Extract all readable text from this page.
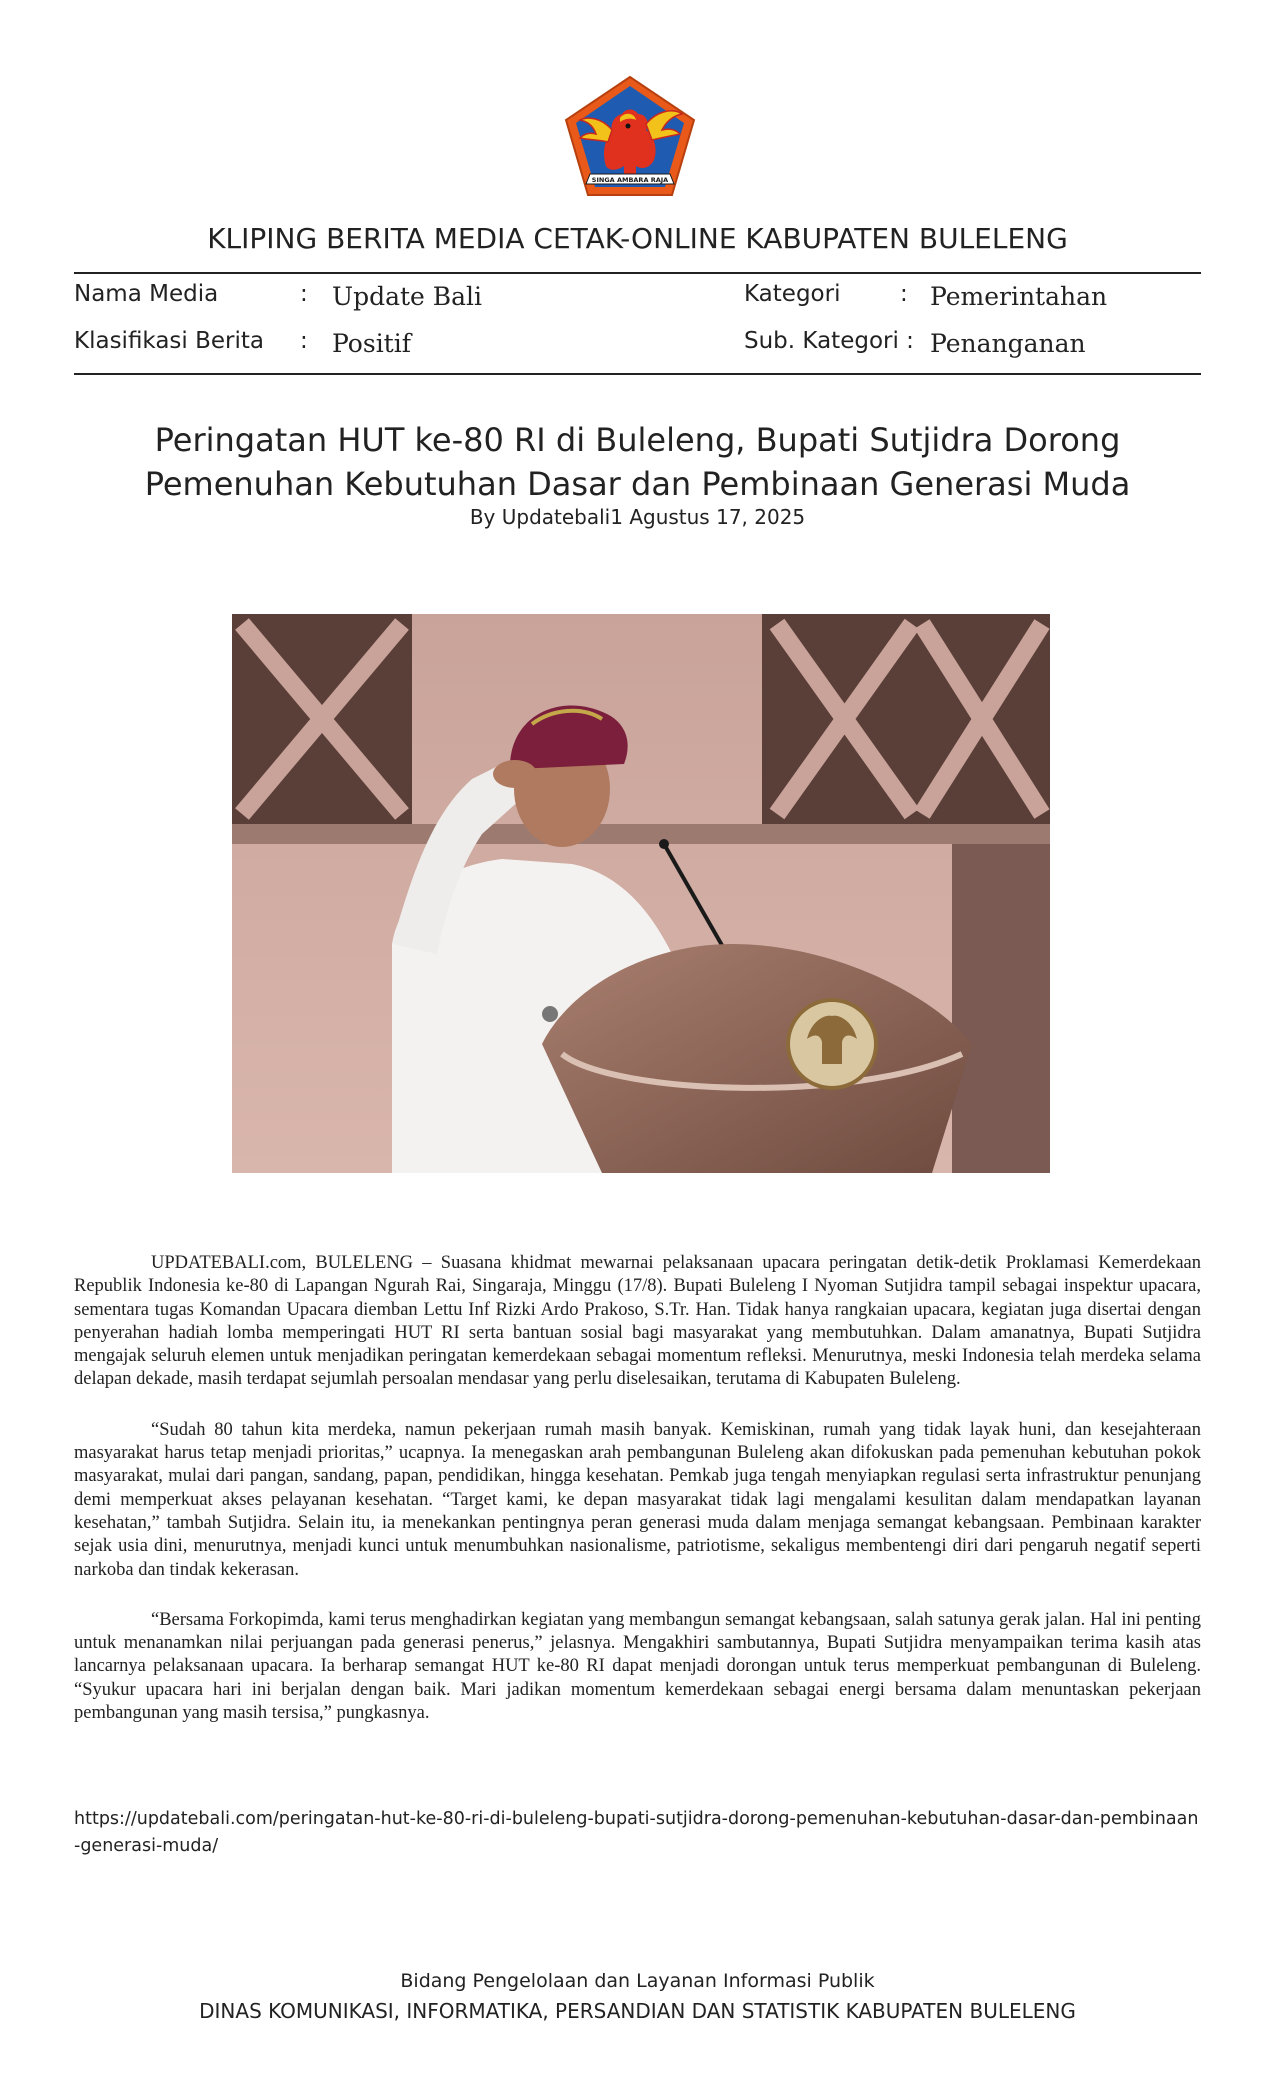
SINGA AMBARA RAJA
KLIPING BERITA MEDIA CETAK-ONLINE KABUPATEN BULELENG
Nama Media	: Update Bali	Kategori	: Pemerintahan
Klasifikasi Berita : Positif	Sub. Kategori : Penanganan
Peringatan HUT ke-80 RI di Buleleng, Bupati Sutjidra Dorong
Pemenuhan Kebutuhan Dasar dan Pembinaan Generasi Muda
By Updatebali1 Agustus 17, 2025

UPDATEBALI.com, BULELENG – Suasana khidmat mewarnai pelaksanaan upacara peringatan detik-detik Proklamasi Kemerdekaan Republik Indonesia ke-80 di Lapangan Ngurah Rai, Singaraja, Minggu (17/8). Bupati Buleleng I Nyoman Sutjidra tampil sebagai inspektur upacara, sementara tugas Komandan Upacara diemban Lettu Inf Rizki Ardo Prakoso, S.Tr. Han. Tidak hanya rangkaian upacara, kegiatan juga disertai dengan penyerahan hadiah lomba memperingati HUT RI serta bantuan sosial bagi masyarakat yang membutuhkan. Dalam amanatnya, Bupati Sutjidra mengajak seluruh elemen untuk menjadikan peringatan kemerdekaan sebagai momentum refleksi. Menurutnya, meski Indonesia telah merdeka selama delapan dekade, masih terdapat sejumlah persoalan mendasar yang perlu diselesaikan, terutama di Kabupaten Buleleng.

“Sudah 80 tahun kita merdeka, namun pekerjaan rumah masih banyak. Kemiskinan, rumah yang tidak layak huni, dan kesejahteraan masyarakat harus tetap menjadi prioritas,” ucapnya. Ia menegaskan arah pembangunan Buleleng akan difokuskan pada pemenuhan kebutuhan pokok masyarakat, mulai dari pangan, sandang, papan, pendidikan, hingga kesehatan. Pemkab juga tengah menyiapkan regulasi serta infrastruktur penunjang demi memperkuat akses pelayanan kesehatan. “Target kami, ke depan masyarakat tidak lagi mengalami kesulitan dalam mendapatkan layanan kesehatan,” tambah Sutjidra. Selain itu, ia menekankan pentingnya peran generasi muda dalam menjaga semangat kebangsaan. Pembinaan karakter sejak usia dini, menurutnya, menjadi kunci untuk menumbuhkan nasionalisme, patriotisme, sekaligus membentengi diri dari pengaruh negatif seperti narkoba dan tindak kekerasan.

“Bersama Forkopimda, kami terus menghadirkan kegiatan yang membangun semangat kebangsaan, salah satunya gerak jalan. Hal ini penting untuk menanamkan nilai perjuangan pada generasi penerus,” jelasnya. Mengakhiri sambutannya, Bupati Sutjidra menyampaikan terima kasih atas lancarnya pelaksanaan upacara. Ia berharap semangat HUT ke-80 RI dapat menjadi dorongan untuk terus memperkuat pembangunan di Buleleng. “Syukur upacara hari ini berjalan dengan baik. Mari jadikan momentum kemerdekaan sebagai energi bersama dalam menuntaskan pekerjaan pembangunan yang masih tersisa,” pungkasnya.

https://updatebali.com/peringatan-hut-ke-80-ri-di-buleleng-bupati-sutjidra-dorong-pemenuhan-kebutuhan-dasar-dan-pembinaan-generasi-muda/
Bidang Pengelolaan dan Layanan Informasi Publik
DINAS KOMUNIKASI, INFORMATIKA, PERSANDIAN DAN STATISTIK KABUPATEN BULELENG
